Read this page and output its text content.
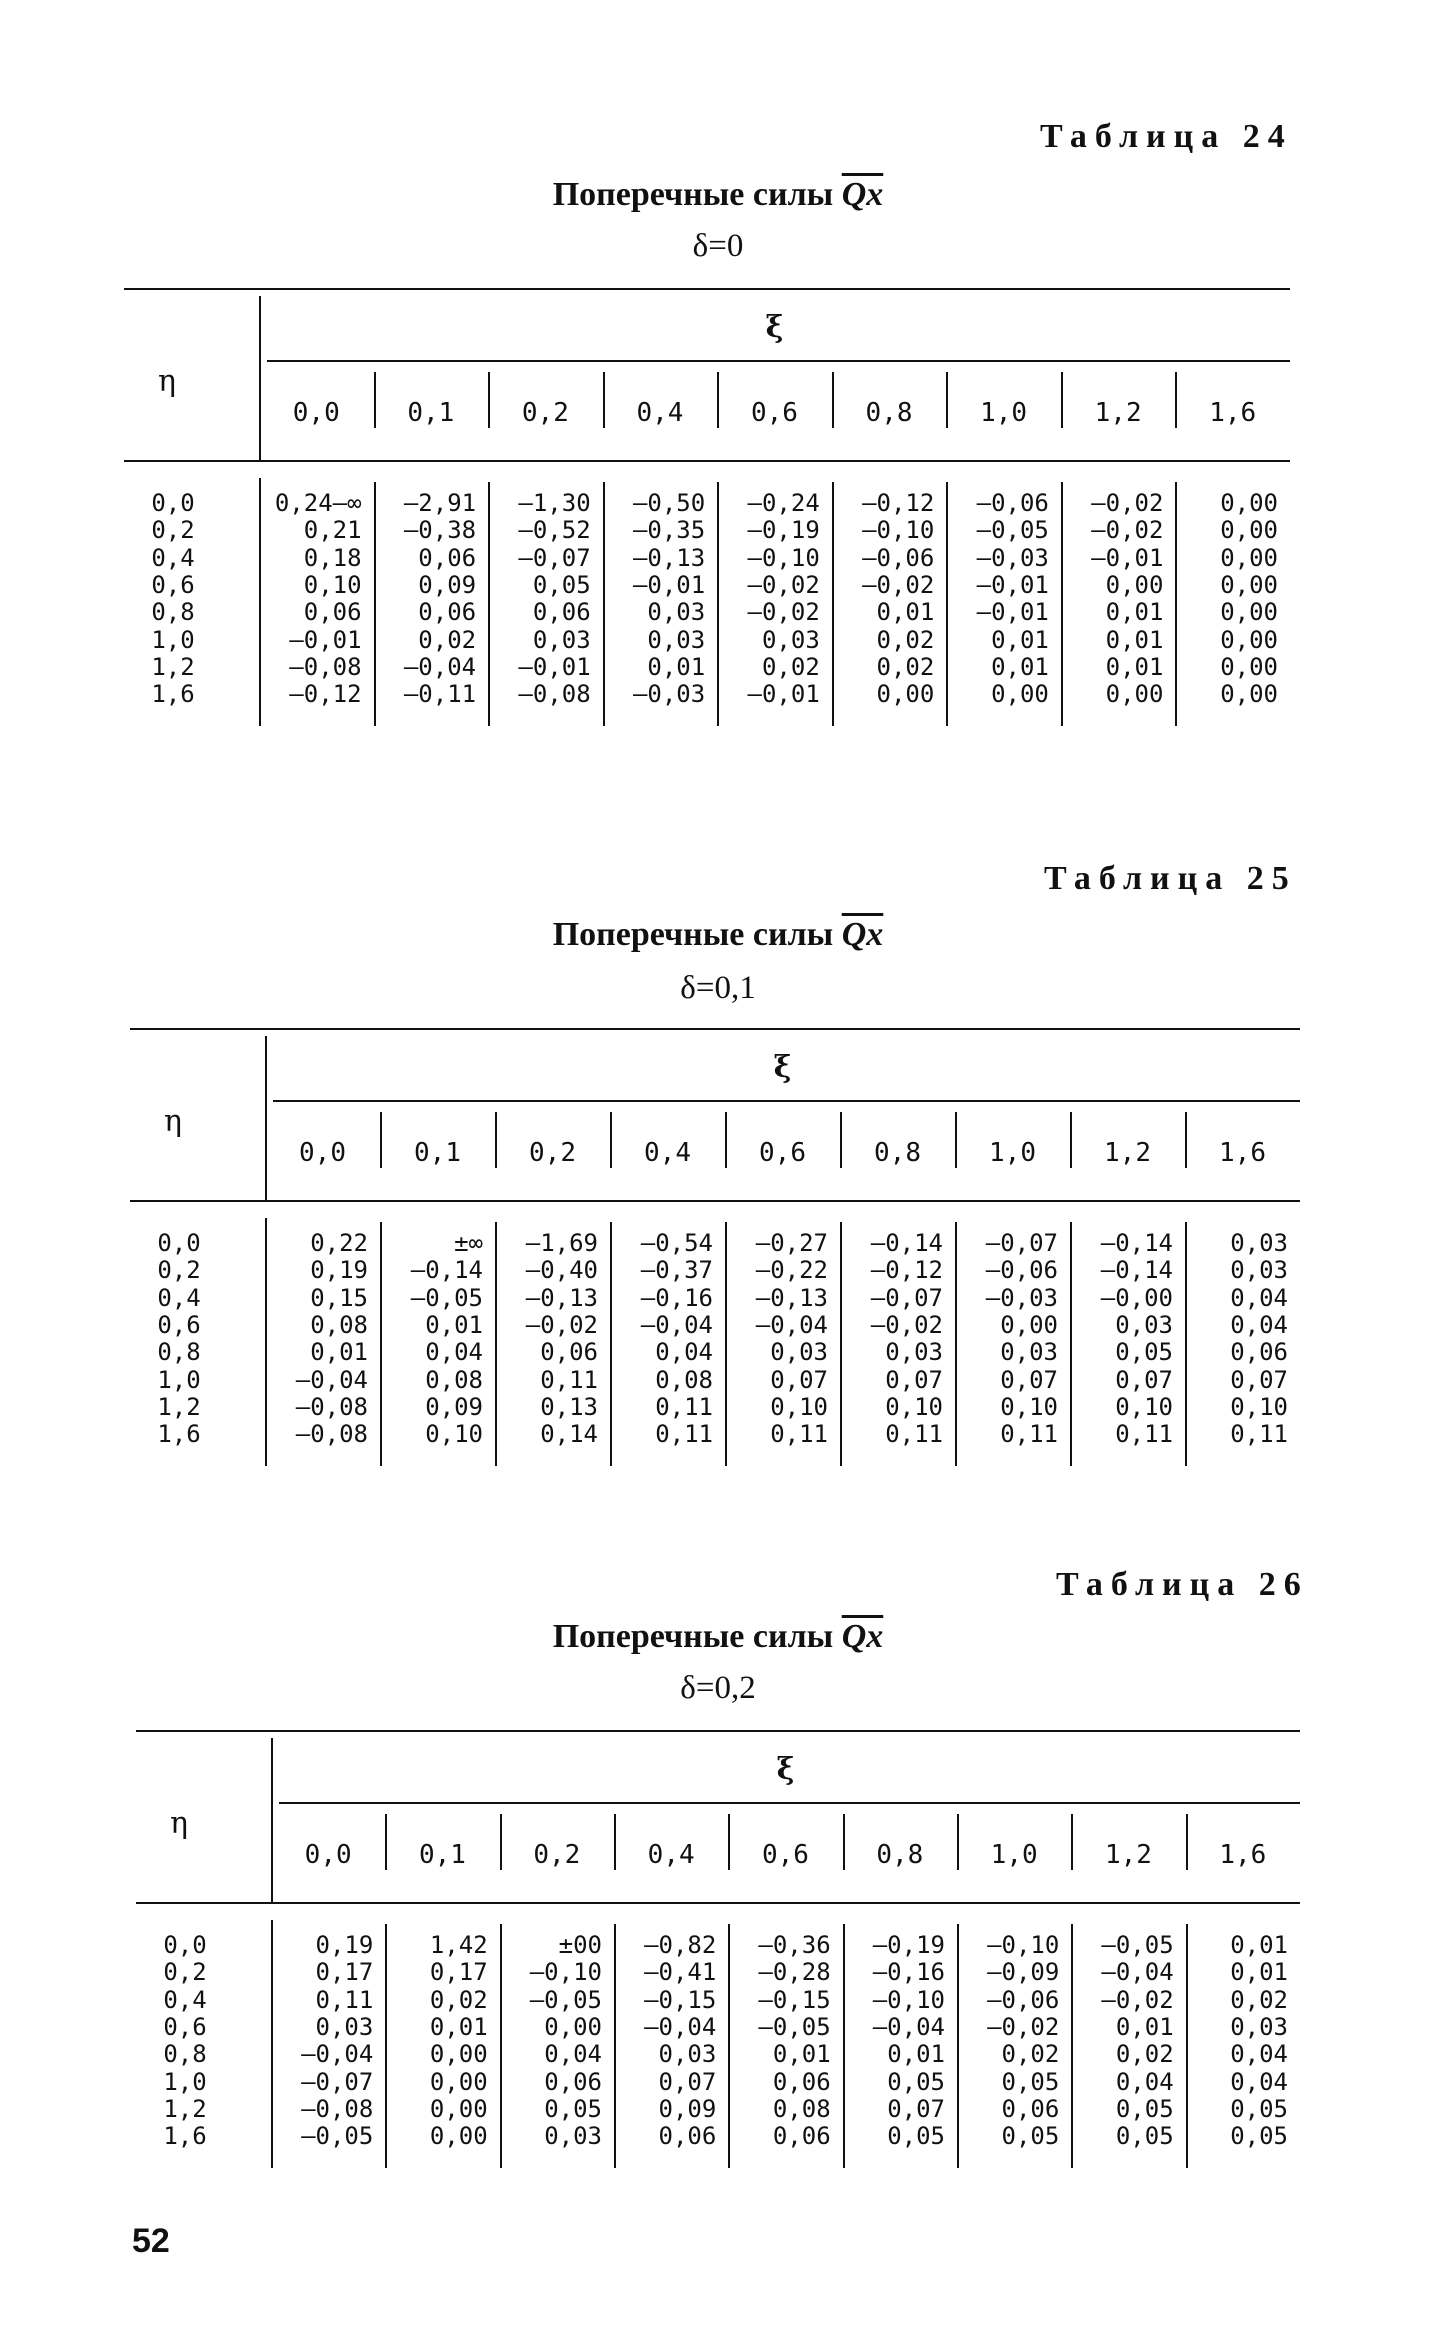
Таблица 24
Поперечные силы $\overline{Qx}$
δ=0
ξ
η
0,0	0,1	0,2	0,4	0,6	0,8	1,0	1,2	1,6
0,0	0,24—∞	—2,91	—1,30	—0,50	—0,24	—0,12	—0,06	—0,02	0,00
0,2	0,21	—0,38	—0,52	—0,35	—0,19	—0,10	—0,05	—0,02	0,00
0,4	0,18	0,06	—0,07	—0,13	—0,10	—0,06	—0,03	—0,01	0,00
0,6	0,10	0,09	0,05	—0,01	—0,02	—0,02	—0,01	0,00	0,00
0,8	0,06	0,06	0,06	0,03	—0,02	0,01	—0,01	0,01	0,00
1,0	—0,01	0,02	0,03	0,03	0,03	0,02	0,01	0,01	0,00
1,2	—0,08	—0,04	—0,01	0,01	0,02	0,02	0,01	0,01	0,00
1,6	—0,12	—0,11	—0,08	—0,03	—0,01	0,00	0,00	0,00	0,00
Таблица 25
Поперечные силы $\overline{Qx}$
δ=0,1
ξ
η
0,0	0,1	0,2	0,4	0,6	0,8	1,0	1,2	1,6
0,0	0,22	±∞	—1,69	—0,54	—0,27	—0,14	—0,07	—0,14	0,03
0,2	0,19	—0,14	—0,40	—0,37	—0,22	—0,12	—0,06	—0,14	0,03
0,4	0,15	—0,05	—0,13	—0,16	—0,13	—0,07	—0,03	—0,00	0,04
0,6	0,08	0,01	—0,02	—0,04	—0,04	—0,02	0,00	0,03	0,04
0,8	0,01	0,04	0,06	0,04	0,03	0,03	0,03	0,05	0,06
1,0	—0,04	0,08	0,11	0,08	0,07	0,07	0,07	0,07	0,07
1,2	—0,08	0,09	0,13	0,11	0,10	0,10	0,10	0,10	0,10
1,6	—0,08	0,10	0,14	0,11	0,11	0,11	0,11	0,11	0,11
Таблица 26
Поперечные силы $\overline{Qx}$
δ=0,2
ξ
η
0,0	0,1	0,2	0,4	0,6	0,8	1,0	1,2	1,6
0,0	0,19	1,42	±00	—0,82	—0,36	—0,19	—0,10	—0,05	0,01
0,2	0,17	0,17	—0,10	—0,41	—0,28	—0,16	—0,09	—0,04	0,01
0,4	0,11	0,02	—0,05	—0,15	—0,15	—0,10	—0,06	—0,02	0,02
0,6	0,03	0,01	0,00	—0,04	—0,05	—0,04	—0,02	0,01	0,03
0,8	—0,04	0,00	0,04	0,03	0,01	0,01	0,02	0,02	0,04
1,0	—0,07	0,00	0,06	0,07	0,06	0,05	0,05	0,04	0,04
1,2	—0,08	0,00	0,05	0,09	0,08	0,07	0,06	0,05	0,05
1,6	—0,05	0,00	0,03	0,06	0,06	0,05	0,05	0,05	0,05
52
